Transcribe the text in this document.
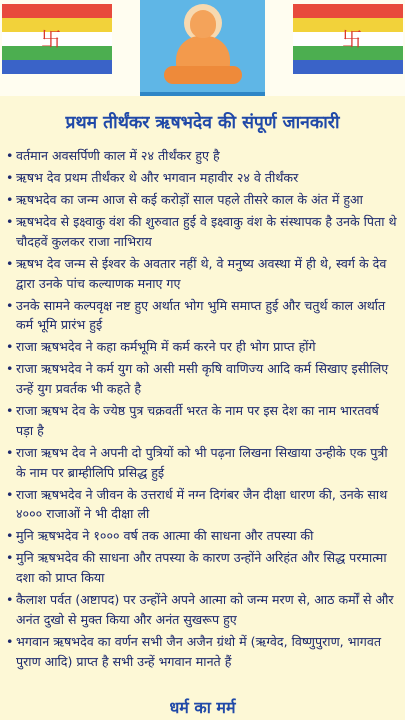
卐	卐
प्रथम तीर्थंकर ऋषभदेव की संपूर्ण जानकारी
• वर्तमान अवसर्पिणी काल में २४ तीर्थंकर हुए है
• ऋषभ देव प्रथम तीर्थंकर थे और भगवान महावीर २४ वे तीर्थंकर
• ऋषभदेव का जन्म आज से कई करोड़ों साल पहले तीसरे काल के अंत में हुआ
• ऋषभदेव से इक्ष्वाकु वंश की शुरुवात हुई वे इक्ष्वाकु वंश के संस्थापक है उनके पिता थे चौदहवें कुलकर राजा नाभिराय
• ऋषभ देव जन्म से ईश्वर के अवतार नहीं थे, वे मनुष्य अवस्था में ही थे, स्वर्ग के देव द्वारा उनके पांच कल्याणक मनाए गए
• उनके सामने कल्पवृक्ष नष्ट हुए अर्थात भोग भुमि समाप्त हुई और चतुर्थ काल अर्थात कर्म भूमि प्रारंभ हुई
• राजा ऋषभदेव ने कहा कर्मभूमि में कर्म करने पर ही भोग प्राप्त होंगे
• राजा ऋषभदेव ने कर्म युग को असी मसी कृषि वाणिज्य आदि कर्म सिखाए इसीलिए उन्हें युग प्रवर्तक भी कहते है
• राजा ऋषभ देव के ज्येष्ठ पुत्र चक्रवर्ती भरत के नाम पर इस देश का नाम भारतवर्ष पड़ा है
• राजा ऋषभ देव ने अपनी दो पुत्रियों को भी पढ़ना लिखना सिखाया उन्हीके एक पुत्री के नाम पर ब्राम्हीलिपि प्रसिद्ध हुई
• राजा ऋषभदेव ने जीवन के उत्तरार्ध में नग्न दिगंबर जैन दीक्षा धारण की, उनके साथ ४००० राजाओं ने भी दीक्षा ली
• मुनि ऋषभदेव ने १००० वर्ष तक आत्मा की साधना और तपस्या की
• मुनि ऋषभदेव की साधना और तपस्या के कारण उन्होंने अरिहंत और सिद्ध परमात्मा दशा को प्राप्त किया
• कैलाश पर्वत (अष्टापद) पर उन्होंने अपने आत्मा को जन्म मरण से, आठ कर्मों से और अनंत दुखो से मुक्त किया और अनंत सुखरूप हुए
• भगवान ऋषभदेव का वर्णन सभी जैन अजैन ग्रंथो में (ऋग्वेद, विष्णुपुराण, भागवत पुराण आदि) प्राप्त है सभी उन्हें भगवान मानते हैं
धर्म का मर्म
